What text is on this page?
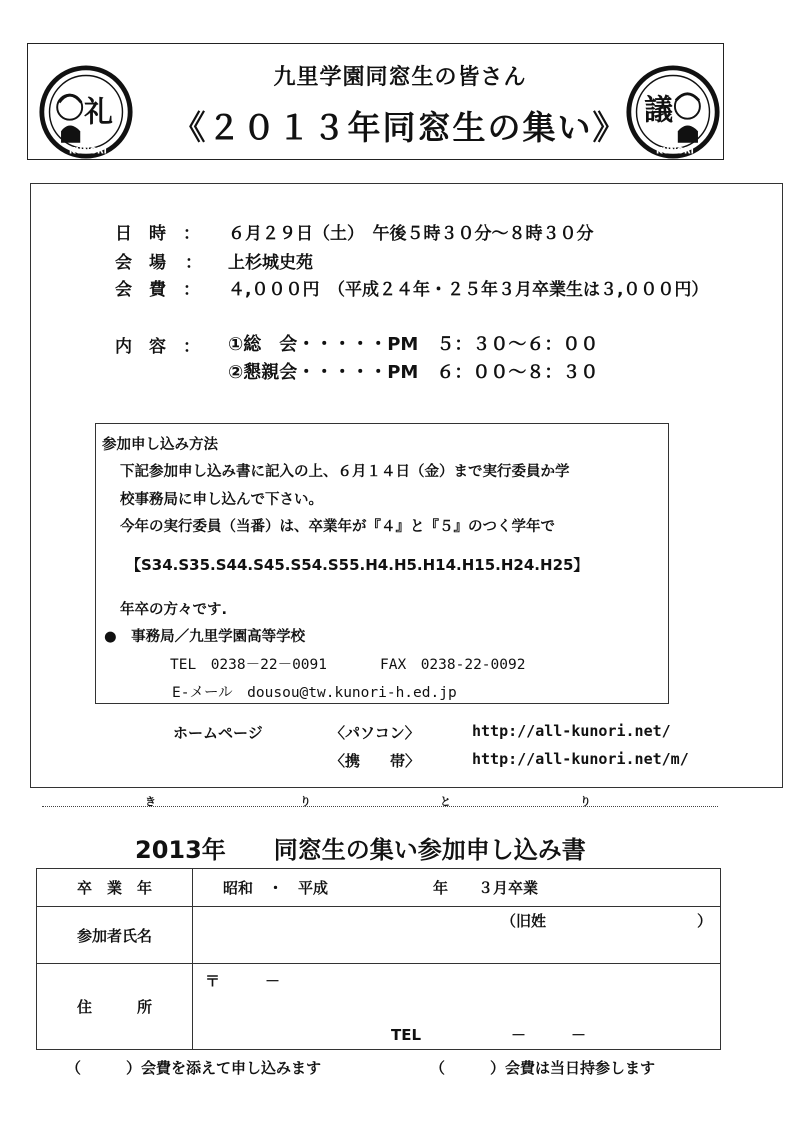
礼
KUNORI
議
KUNORI
九里学園同窓生の皆さん
《２０１３年同窓生の集い》
日　時　： ６月２９日（土）　午後５時３０分～８時３０分
会　場 ： 上杉城史苑
会　費　： ４,０００円　（平成２４年・２５年３月卒業生は３,０００円）
内　容　： ①総　会・・・・・PM　５：３０～６：００
②懇親会・・・・・PM　６：００～８：３０
参加申し込み方法
下記参加申し込み書に記入の上、６月１４日（金）まで実行委員か学
校事務局に申し込んで下さい。
今年の実行委員（当番）は、卒業年が『４』と『５』のつく学年で
【S34.S35.S44.S45.S54.S55.H4.H5.H14.H15.H24.H25】
年卒の方々です.
●　事務局／九里学園高等学校
TEL　0238－22－0091	FAX　0238-22-0092
E-メール　dousou@tw.kunori-h.ed.jp
ホームページ	〈パソコン〉	http://all-kunori.net/
〈携　　帯〉	http://all-kunori.net/m/
き	り	と	り
2013年　　同窓生の集い参加申し込み書
卒　業　年	昭和　・　平成　　　　　　　年　　３月卒業
参加者氏名	（旧姓 ）

住　　　所	〒　　　－
TEL　　　　　　－　　　－
（　　　）会費を添えて申し込みます	（　　　）会費は当日持参します
